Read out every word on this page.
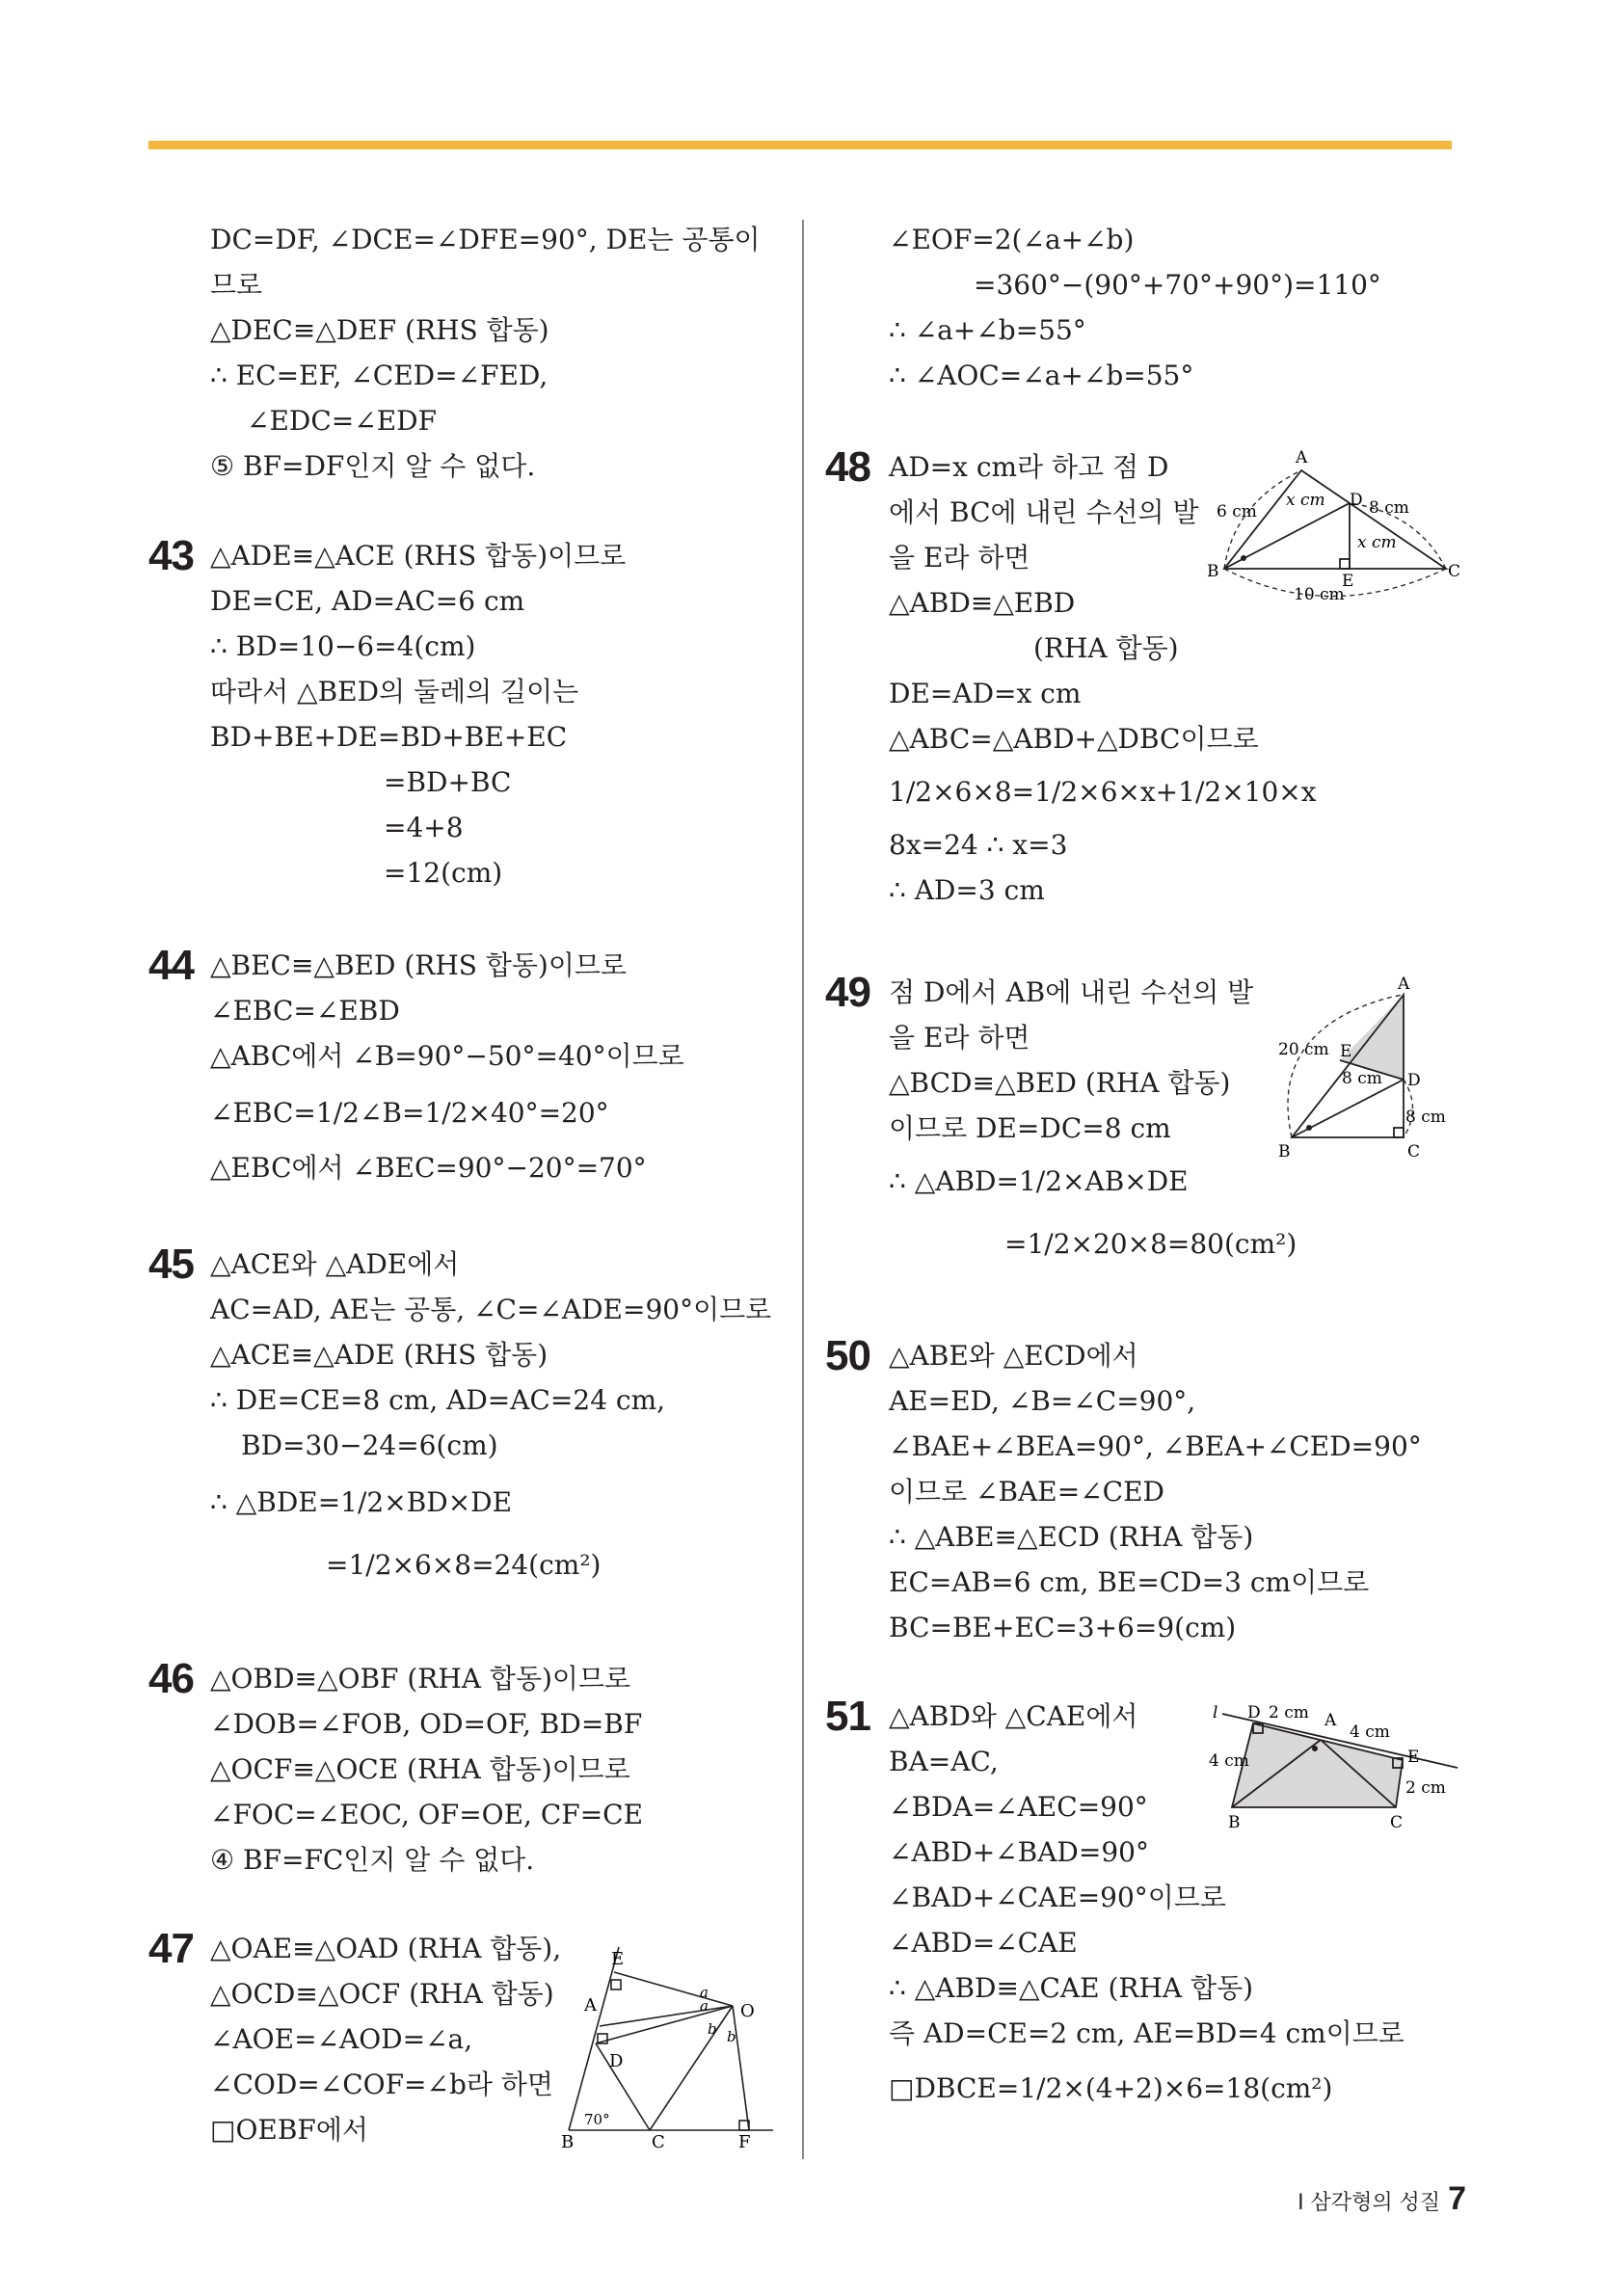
DC=DF, ∠DCE=∠DFE=90°, DE는 공통이
므로
△DEC≡△DEF (RHS 합동)
∴ EC=EF, ∠CED=∠FED,
∠EDC=∠EDF
⑤ BF=DF인지 알 수 없다.
43 △ADE≡△ACE (RHS 합동)이므로
DE=CE, AD=AC=6 cm
∴ BD=10−6=4(cm)
따라서 △BED의 둘레의 길이는
BD+BE+DE=BD+BE+EC
=BD+BC
=4+8
=12(cm)
44 △BEC≡△BED (RHS 합동)이므로
∠EBC=∠EBD
△ABC에서 ∠B=90°−50°=40°이므로
∠EBC=1/2∠B=1/2×40°=20°
△EBC에서 ∠BEC=90°−20°=70°
45 △ACE와 △ADE에서
AC=AD, AE는 공통, ∠C=∠ADE=90°이므로
△ACE≡△ADE (RHS 합동)
∴ DE=CE=8 cm, AD=AC=24 cm,
BD=30−24=6(cm)
∴ △BDE=1/2×BD×DE
=1/2×6×8=24(cm²)
46 △OBD≡△OBF (RHA 합동)이므로
∠DOB=∠FOB, OD=OF, BD=BF
△OCF≡△OCE (RHA 합동)이므로
∠FOC=∠EOC, OF=OE, CF=CE
④ BF=FC인지 알 수 없다.
47 △OAE≡△OAD (RHA 합동),
△OCD≡△OCF (RHA 합동)
∠AOE=∠AOD=∠a,
∠COD=∠COF=∠b라 하면
□OEBF에서
∠EOF=2(∠a+∠b)
=360°−(90°+70°+90°)=110°
∴ ∠a+∠b=55°
∴ ∠AOC=∠a+∠b=55°
48 AD=x cm라 하고 점 D
에서 BC에 내린 수선의 발
을 E라 하면
△ABD≡△EBD
(RHA 합동)
DE=AD=x cm
△ABC=△ABD+△DBC이므로
1/2×6×8=1/2×6×x+1/2×10×x
8x=24 ∴ x=3
∴ AD=3 cm
49 점 D에서 AB에 내린 수선의 발
을 E라 하면
△BCD≡△BED (RHA 합동)
이므로 DE=DC=8 cm
∴ △ABD=1/2×AB×DE
=1/2×20×8=80(cm²)
50 △ABE와 △ECD에서
AE=ED, ∠B=∠C=90°,
∠BAE+∠BEA=90°, ∠BEA+∠CED=90°
이므로 ∠BAE=∠CED
∴ △ABE≡△ECD (RHA 합동)
EC=AB=6 cm, BE=CD=3 cm이므로
BC=BE+EC=3+6=9(cm)
51 △ABD와 △CAE에서
BA=AC,
∠BDA=∠AEC=90°
∠ABD+∠BAD=90°
∠BAD+∠CAE=90°이므로
∠ABD=∠CAE
∴ △ABD≡△CAE (RHA 합동)
즉 AD=CE=2 cm, AE=BD=4 cm이므로
□DBCE=1/2×(4+2)×6=18(cm²)
E
A	O
D
B	C	F
70°
a
a
b b
A
x cm D 8 cm
6 cm
x cm
B	E	C
10 cm
A
20 cm E
8 cm D
8 cm
B	C
l D 2 cm A
4 cm
4 cm
E
2 cm
B	C
I 삼각형의 성질 7
